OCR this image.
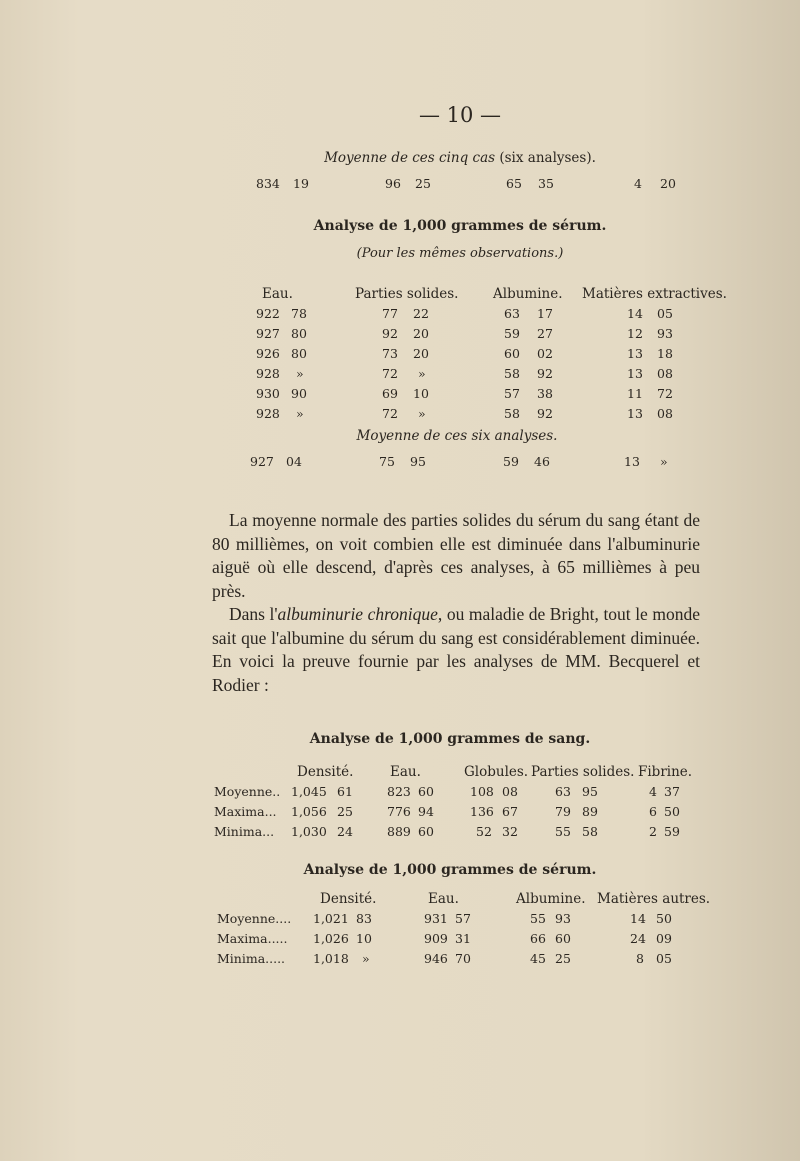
— 10 —
Moyenne de ces cinq cas (six analyses).
834 19	96 25	65 35	4 20
Analyse de 1,000 grammes de sérum.
(Pour les mêmes observations.)
Eau.	Parties solides.	Albumine. Matières extractives.
922 78	77 22	63 17	14 05
927 80	92 20	59 27	12 93
926 80	73 20	60 02	13 18
928 »	72 »	58 92	13 08
930 90	69 10	57 38	11 72
928 »	72 »	58 92	13 08
Moyenne de ces six analyses.
927 04	75 95	59 46	13 »

La moyenne normale des parties solides du sérum du sang étant de 80 millièmes, on voit combien elle est diminuée dans l'albuminurie aiguë où elle descend, d'après ces analyses, à 65 millièmes à peu près.

Dans l'albuminurie chronique, ou maladie de Bright, tout le monde sait que l'albumine du sérum du sang est considérablement diminuée. En voici la preuve fournie par les analyses de MM. Becquerel et Rodier :

Analyse de 1,000 grammes de sang.
Densité.	Eau.	Globules. Parties solides. Fibrine.
Moyenne.. 1,045 61	823 60	108 08	63 95	4 37
Maxima... 1,056 25	776 94	136 67	79 89	6 50
Minima... 1,030 24	889 60	52 32	55 58	2 59
Analyse de 1,000 grammes de sérum.
Densité.	Eau.	Albumine. Matières autres.
Moyenne.... 1,021 83	931 57	55 93	14 50
Maxima..... 1,026 10	909 31	66 60	24 09
Minima..... 1,018 »	946 70	45 25	8 05
